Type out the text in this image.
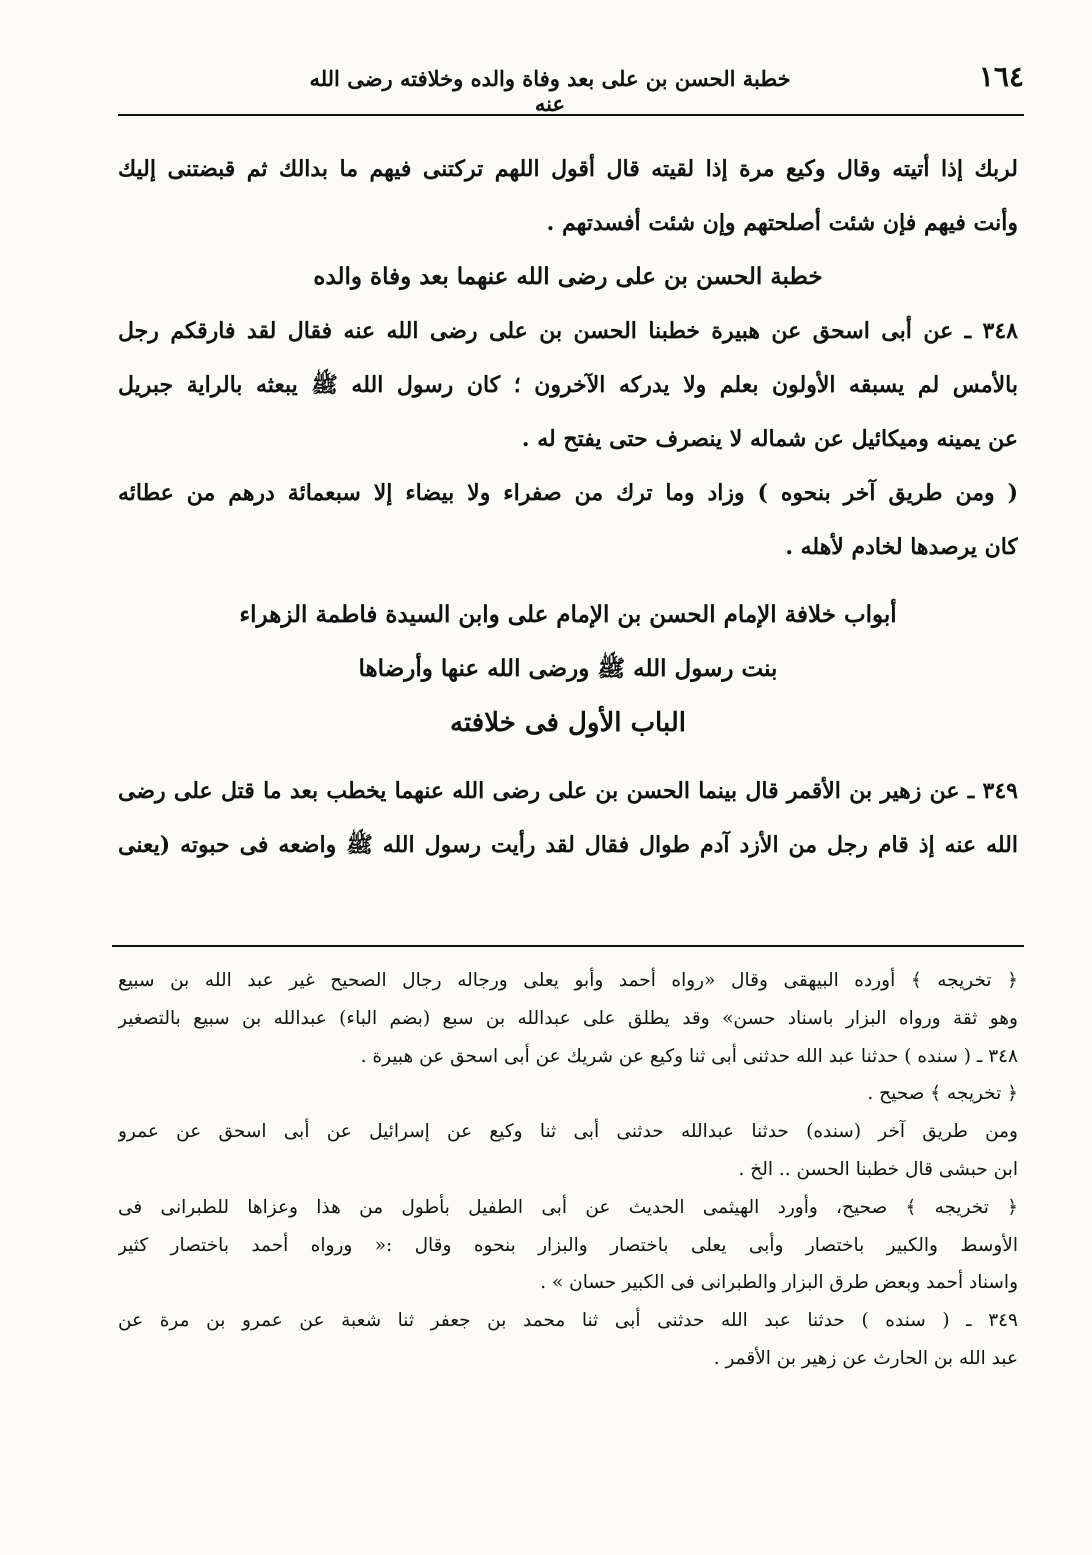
١٦٤
خطبة الحسن بن على بعد وفاة والده وخلافته رضى الله عنه
لربك إذا أتيته وقال وكيع مرة إذا لقيته قال أقول اللهم تركتنى فيهم ما بدالك ثم قبضتنى إليك
وأنت فيهم فإن شئت أصلحتهم وإن شئت أفسدتهم .
خطبة الحسن بن على رضى الله عنهما بعد وفاة والده
٣٤٨ ـ عن أبى اسحق عن هبيرة خطبنا الحسن بن على رضى الله عنه فقال لقد فارقكم رجل
بالأمس لم يسبقه الأولون بعلم ولا يدركه الآخرون ؛ كان رسول الله ﷺ يبعثه بالراية جبريل
عن يمينه وميكائيل عن شماله لا ينصرف حتى يفتح له .
( ومن طريق آخر بنحوه ) وزاد وما ترك من صفراء ولا بيضاء إلا سبعمائة درهم من عطائه
كان يرصدها لخادم لأهله .
أبواب خلافة الإمام الحسن بن الإمام على وابن السيدة فاطمة الزهراء
بنت رسول الله ﷺ ورضى الله عنها وأرضاها
الباب الأول فى خلافته
٣٤٩ ـ عن زهير بن الأقمر قال بينما الحسن بن على رضى الله عنهما يخطب بعد ما قتل على رضى
الله عنه إذ قام رجل من الأزد آدم طوال فقال لقد رأيت رسول الله ﷺ واضعه فى حبوته (يعنى
﴿ تخريجه ﴾ أورده البيهقى وقال «رواه أحمد وأبو يعلى ورجاله رجال الصحيح غير عبد الله بن سبيع
وهو ثقة ورواه البزار باسناد حسن» وقد يطلق على عبدالله بن سبع (بضم الباء) عبدالله بن سبيع بالتصغير
٣٤٨ ـ ( سنده ) حدثنا عبد الله حدثنى أبى ثنا وكيع عن شريك عن أبى اسحق عن هبيرة .
﴿ تخريجه ﴾ صحيح .
ومن طريق آخر (سنده) حدثنا عبدالله حدثنى أبى ثنا وكيع عن إسرائيل عن أبى اسحق عن عمرو
ابن حبشى قال خطبنا الحسن .. الخ .
﴿ تخريجه ﴾ صحيح، وأورد الهيثمى الحديث عن أبى الطفيل بأطول من هذا وعزاها للطبرانى فى
الأوسط والكبير باختصار وأبى يعلى باختصار والبزار بنحوه وقال :« ورواه أحمد باختصار كثير
واسناد أحمد وبعض طرق البزار والطبرانى فى الكبير حسان » .
٣٤٩ ـ ( سنده ) حدثنا عبد الله حدثنى أبى ثنا محمد بن جعفر ثنا شعبة عن عمرو بن مرة عن
عبد الله بن الحارث عن زهير بن الأقمر .
